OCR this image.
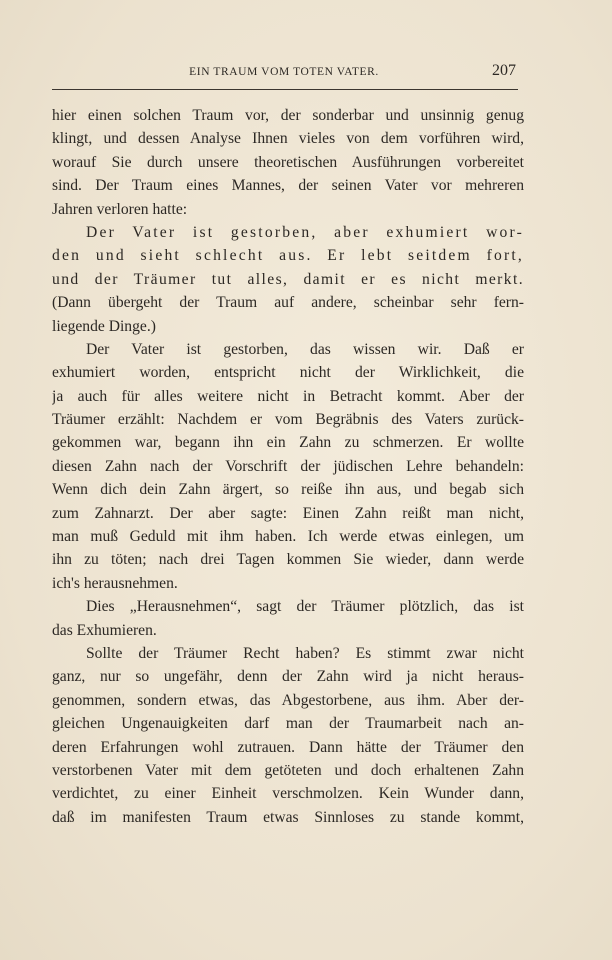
EIN TRAUM VOM TOTEN VATER.	207
hier einen solchen Traum vor, der sonderbar und unsinnig genug
klingt, und dessen Analyse Ihnen vieles von dem vorführen wird,
worauf Sie durch unsere theoretischen Ausführungen vorbereitet
sind. Der Traum eines Mannes, der seinen Vater vor mehreren
Jahren verloren hatte:
Der Vater ist gestorben, aber exhumiert wor-
den und sieht schlecht aus. Er lebt seitdem fort,
und der Träumer tut alles, damit er es nicht merkt.
(Dann übergeht der Traum auf andere, scheinbar sehr fern-
liegende Dinge.)
Der Vater ist gestorben, das wissen wir. Daß er
exhumiert worden, entspricht nicht der Wirklichkeit, die
ja auch für alles weitere nicht in Betracht kommt. Aber der
Träumer erzählt: Nachdem er vom Begräbnis des Vaters zurück-
gekommen war, begann ihn ein Zahn zu schmerzen. Er wollte
diesen Zahn nach der Vorschrift der jüdischen Lehre behandeln:
Wenn dich dein Zahn ärgert, so reiße ihn aus, und begab sich
zum Zahnarzt. Der aber sagte: Einen Zahn reißt man nicht,
man muß Geduld mit ihm haben. Ich werde etwas einlegen, um
ihn zu töten; nach drei Tagen kommen Sie wieder, dann werde
ich's herausnehmen.
Dies „Herausnehmen“, sagt der Träumer plötzlich, das ist
das Exhumieren.
Sollte der Träumer Recht haben? Es stimmt zwar nicht
ganz, nur so ungefähr, denn der Zahn wird ja nicht heraus-
genommen, sondern etwas, das Abgestorbene, aus ihm. Aber der-
gleichen Ungenauigkeiten darf man der Traumarbeit nach an-
deren Erfahrungen wohl zutrauen. Dann hätte der Träumer den
verstorbenen Vater mit dem getöteten und doch erhaltenen Zahn
verdichtet, zu einer Einheit verschmolzen. Kein Wunder dann,
daß im manifesten Traum etwas Sinnloses zu stande kommt,
